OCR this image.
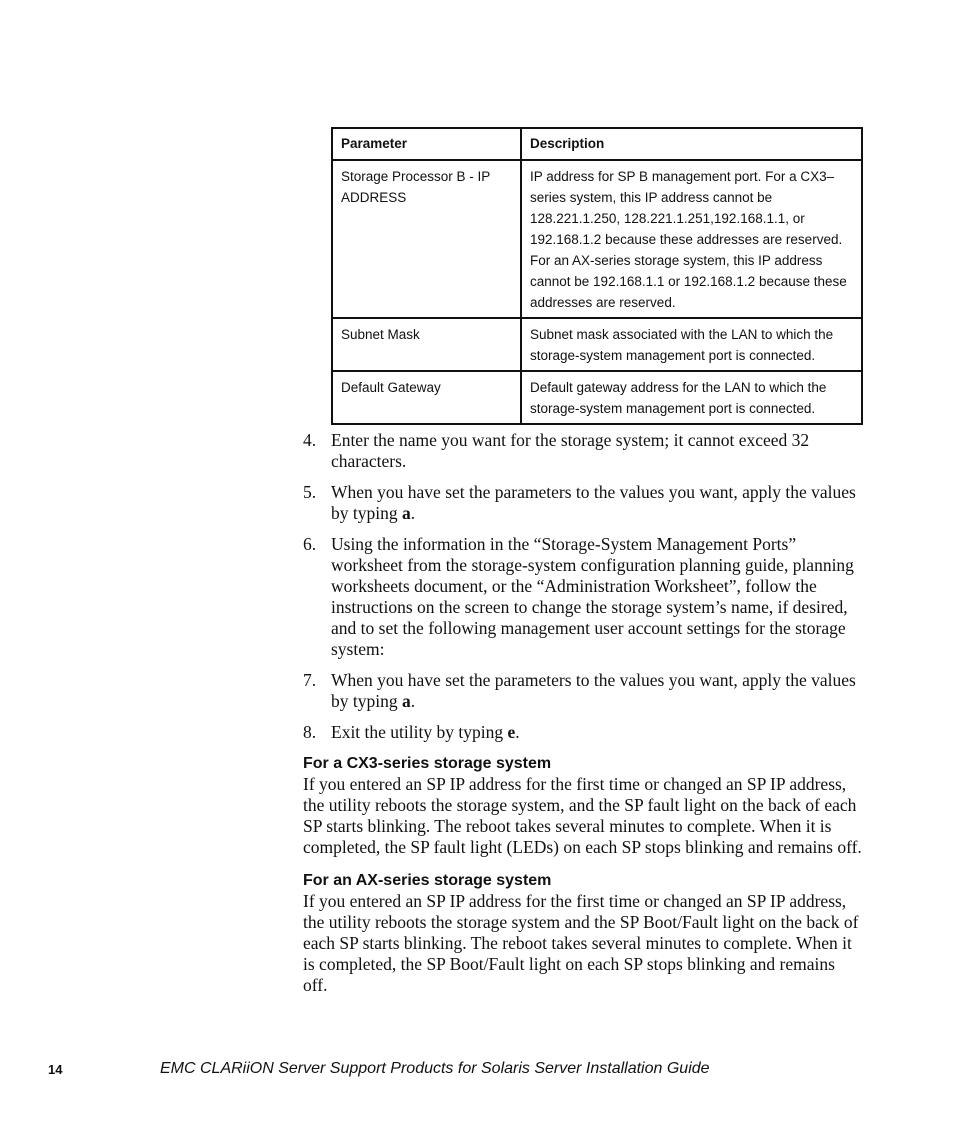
Parameter	Description
Storage Processor B - IP ADDRESS	IP address for SP B management port. For a CX3–series system, this IP address cannot be 128.221.1.250, 128.221.1.251,192.168.1.1, or 192.168.1.2 because these addresses are reserved. For an AX-series storage system, this IP address cannot be 192.168.1.1 or 192.168.1.2 because these addresses are reserved.
Subnet Mask	Subnet mask associated with the LAN to which the storage-system management port is connected.
Default Gateway	Default gateway address for the LAN to which the storage-system management port is connected.
4. Enter the name you want for the storage system; it cannot exceed 32 characters.
5. When you have set the parameters to the values you want, apply the values by typing a.
6. Using the information in the “Storage-System Management Ports” worksheet from the storage-system configuration planning guide, planning worksheets document, or the “Administration Worksheet”, follow the instructions on the screen to change the storage system’s name, if desired, and to set the following management user account settings for the storage system:
7. When you have set the parameters to the values you want, apply the values by typing a.
8. Exit the utility by typing e.
For a CX3-series storage system

If you entered an SP IP address for the first time or changed an SP IP address, the utility reboots the storage system, and the SP fault light on the back of each SP starts blinking. The reboot takes several minutes to complete. When it is completed, the SP fault light (LEDs) on each SP stops blinking and remains off.

For an AX-series storage system

If you entered an SP IP address for the first time or changed an SP IP address, the utility reboots the storage system and the SP Boot/Fault light on the back of each SP starts blinking. The reboot takes several minutes to complete. When it is completed, the SP Boot/Fault light on each SP stops blinking and remains off.

14	EMC CLARiiON Server Support Products for Solaris Server Installation Guide
